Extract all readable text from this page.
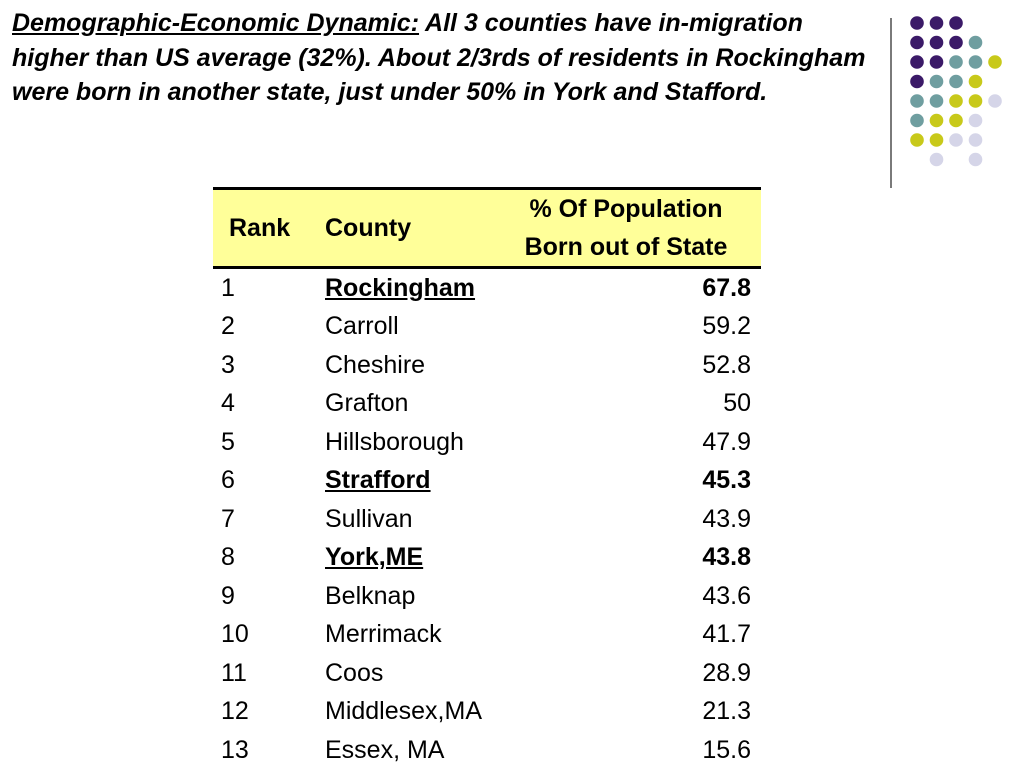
Demographic-Economic Dynamic: All 3 counties have in-migration higher than US average (32%). About 2/3rds of residents in Rockingham were born in another state, just under 50% in York and Stafford.
Rank	County	% Of Population
Born out of State

1	Rockingham	67.8
2	Carroll	59.2
3	Cheshire	52.8
4	Grafton	50
5	Hillsborough	47.9
6	Strafford	45.3
7	Sullivan	43.9
8	York,ME	43.8
9	Belknap	43.6
10	Merrimack	41.7
11	Coos	28.9
12	Middlesex,MA	21.3
13	Essex, MA	15.6
